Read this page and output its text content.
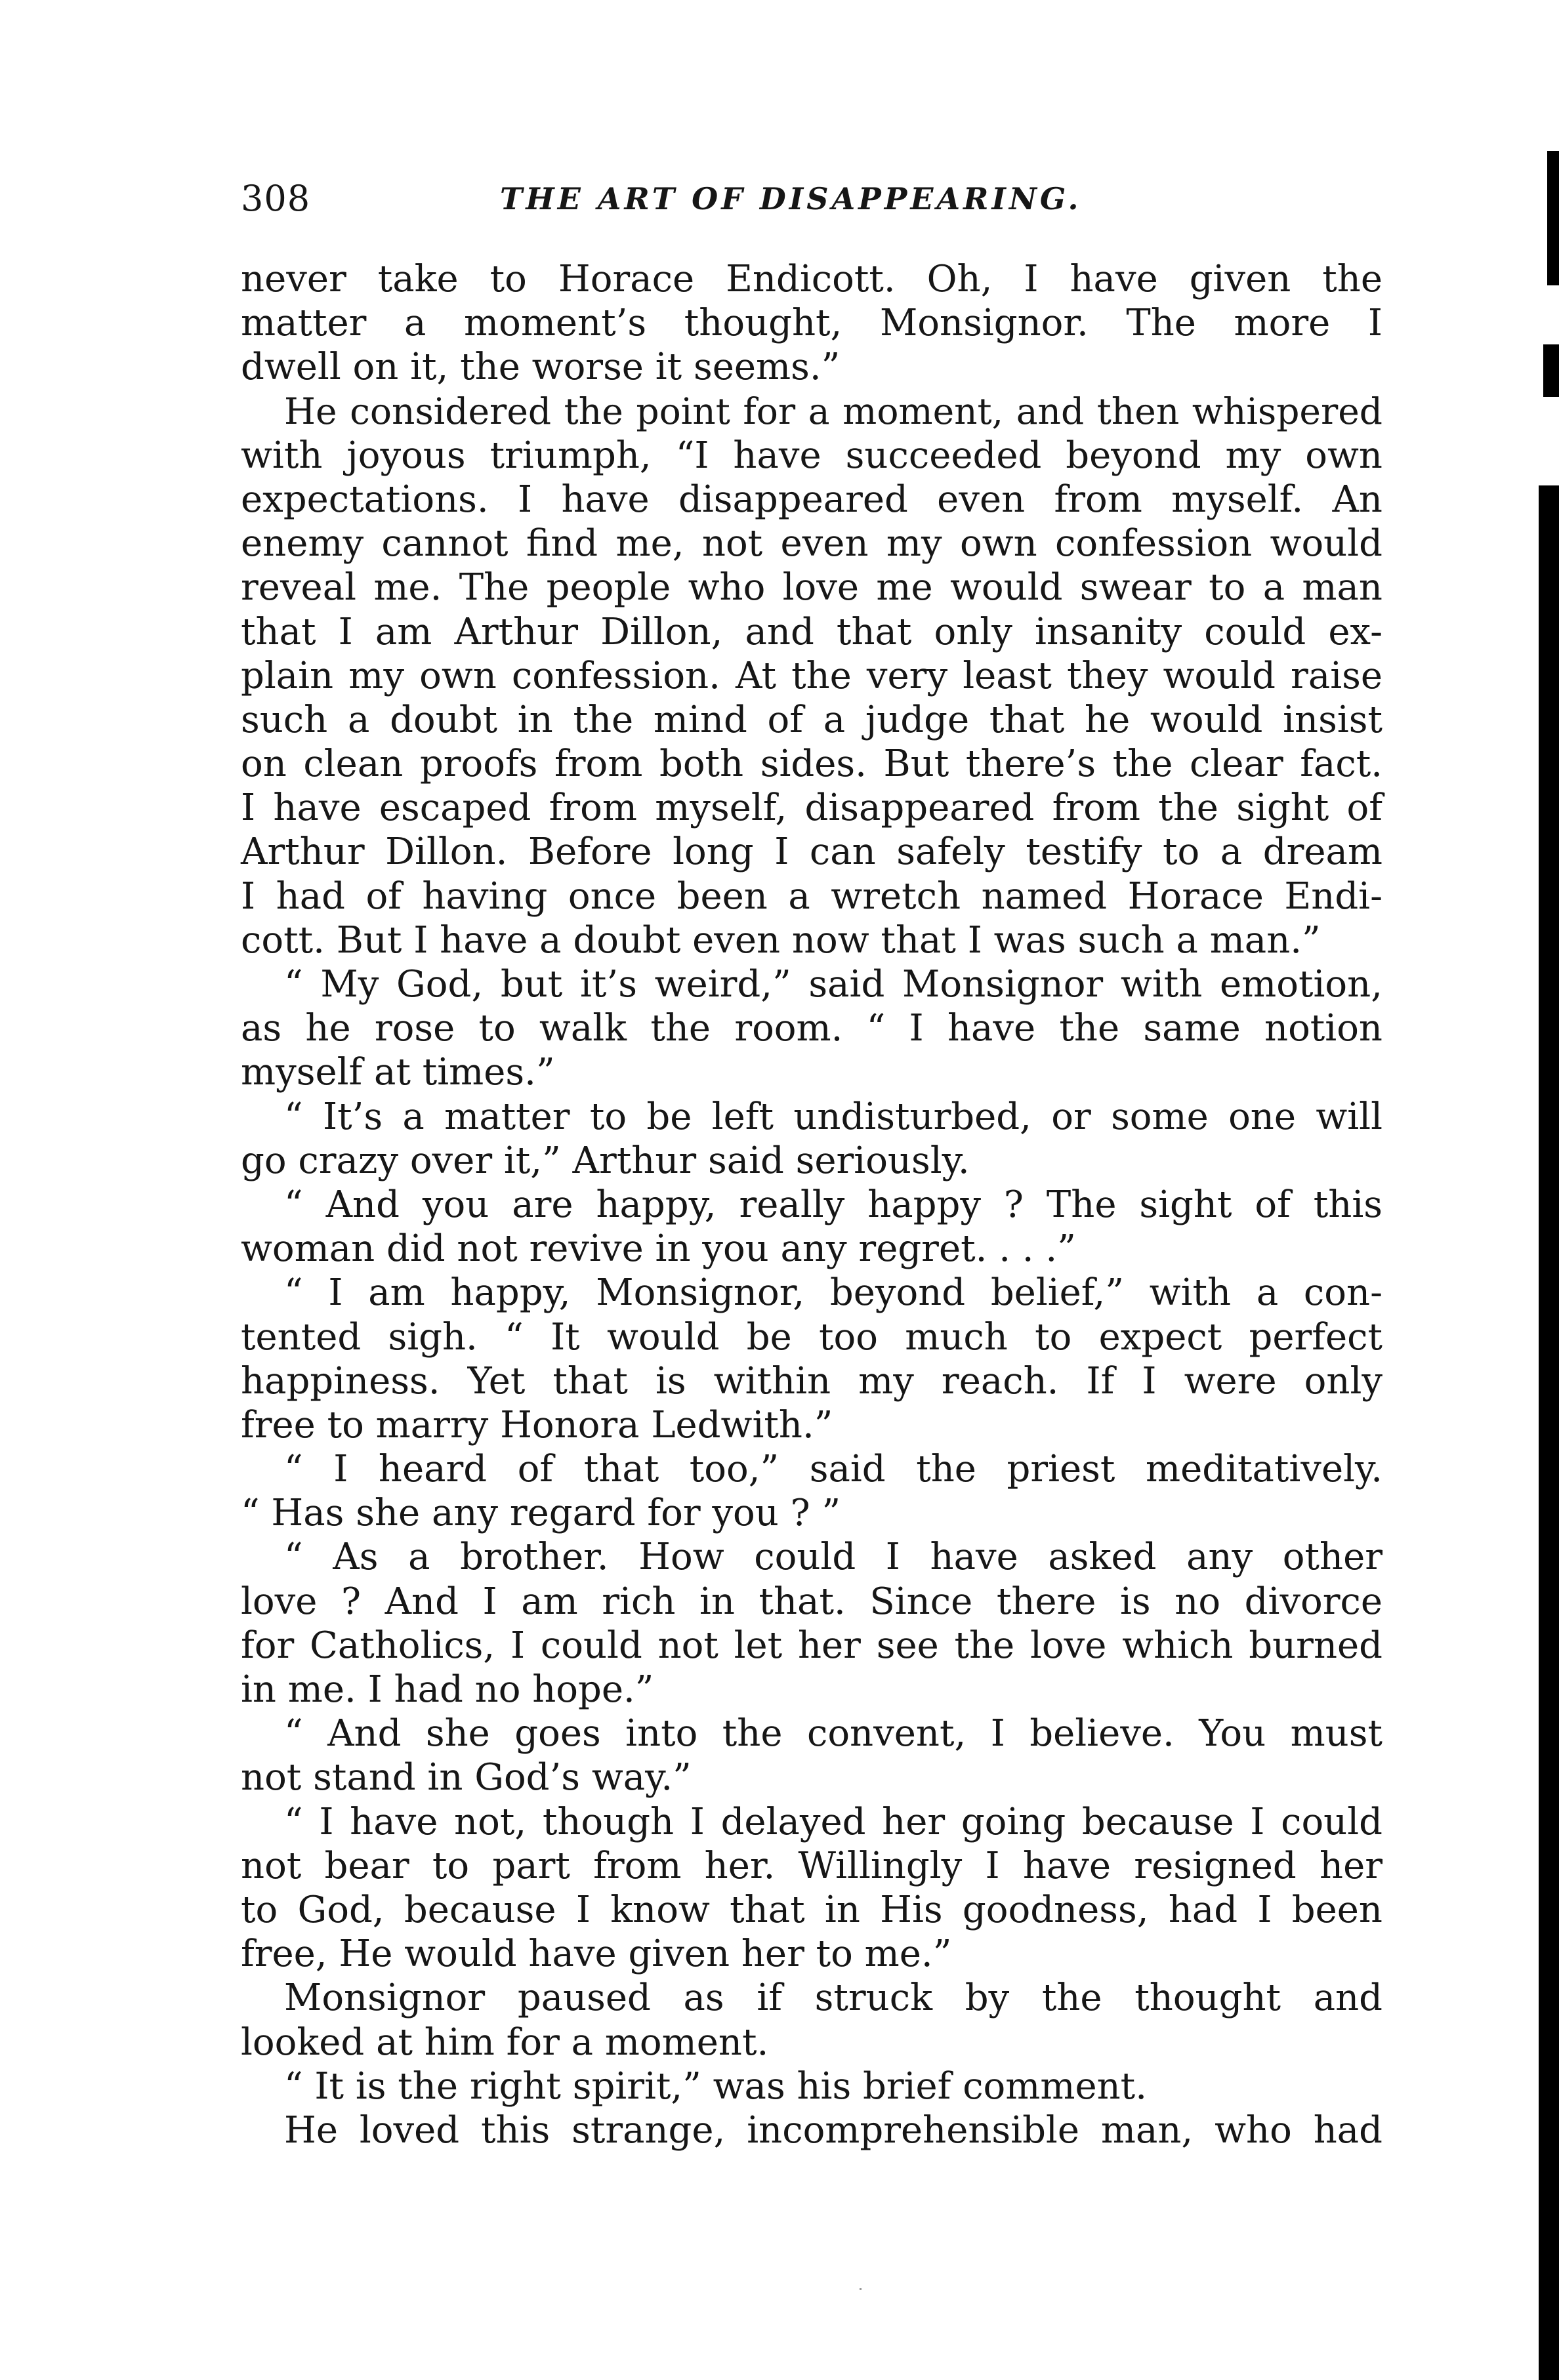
308	THE ART OF DISAPPEARING.
never take to Horace Endicott. Oh, I have given the
matter a moment’s thought, Monsignor. The more I
dwell on it, the worse it seems.”
He considered the point for a moment, and then whispered
with joyous triumph, “I have succeeded beyond my own
expectations. I have disappeared even from myself. An
enemy cannot find me, not even my own confession would
reveal me. The people who love me would swear to a man
that I am Arthur Dillon, and that only insanity could ex-
plain my own confession. At the very least they would raise
such a doubt in the mind of a judge that he would insist
on clean proofs from both sides. But there’s the clear fact.
I have escaped from myself, disappeared from the sight of
Arthur Dillon. Before long I can safely testify to a dream
I had of having once been a wretch named Horace Endi-
cott. But I have a doubt even now that I was such a man.”
“ My God, but it’s weird,” said Monsignor with emotion,
as he rose to walk the room. “ I have the same notion
myself at times.”
“ It’s a matter to be left undisturbed, or some one will
go crazy over it,” Arthur said seriously.
“ And you are happy, really happy ? The sight of this
woman did not revive in you any regret. . . .”
“ I am happy, Monsignor, beyond belief,” with a con-
tented sigh. “ It would be too much to expect perfect
happiness. Yet that is within my reach. If I were only
free to marry Honora Ledwith.”
“ I heard of that too,” said the priest meditatively.
“ Has she any regard for you ? ”
“ As a brother. How could I have asked any other
love ? And I am rich in that. Since there is no divorce
for Catholics, I could not let her see the love which burned
in me. I had no hope.”
“ And she goes into the convent, I believe. You must
not stand in God’s way.”
“ I have not, though I delayed her going because I could
not bear to part from her. Willingly I have resigned her
to God, because I know that in His goodness, had I been
free, He would have given her to me.”
Monsignor paused as if struck by the thought and
looked at him for a moment.
“ It is the right spirit,” was his brief comment.
He loved this strange, incomprehensible man, who had
